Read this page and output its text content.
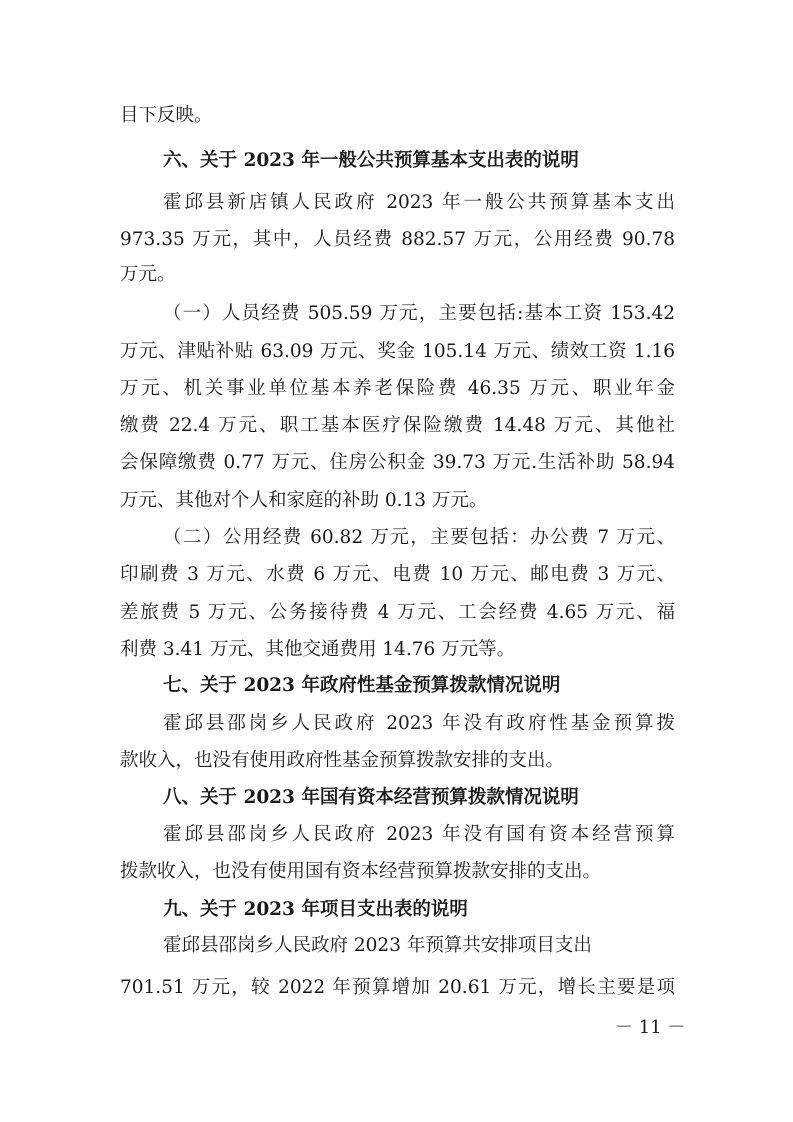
目下反映。
六、关于 2023 年一般公共预算基本支出表的说明
霍邱县新店镇人民政府 2023 年一般公共预算基本支出
973.35 万元，其中，人员经费 882.57 万元，公用经费 90.78
万元。
（一）人员经费 505.59 万元，主要包括:基本工资 153.42
万元、津贴补贴 63.09 万元、奖金 105.14 万元、绩效工资 1.16
万元、机关事业单位基本养老保险费 46.35 万元、职业年金
缴费 22.4 万元、职工基本医疗保险缴费 14.48 万元、其他社
会保障缴费 0.77 万元、住房公积金 39.73 万元.生活补助 58.94
万元、其他对个人和家庭的补助 0.13 万元。
（二）公用经费 60.82 万元，主要包括：办公费 7 万元、
印刷费 3 万元、水费 6 万元、电费 10 万元、邮电费 3 万元、
差旅费 5 万元、公务接待费 4 万元、工会经费 4.65 万元、福
利费 3.41 万元、其他交通费用 14.76 万元等。
七、关于 2023 年政府性基金预算拨款情况说明
霍邱县邵岗乡人民政府 2023 年没有政府性基金预算拨
款收入，也没有使用政府性基金预算拨款安排的支出。
八、关于 2023 年国有资本经营预算拨款情况说明
霍邱县邵岗乡人民政府 2023 年没有国有资本经营预算
拨款收入，也没有使用国有资本经营预算拨款安排的支出。
九、关于 2023 年项目支出表的说明
霍邱县邵岗乡人民政府 2023 年预算共安排项目支出
701.51 万元，较 2022 年预算增加 20.61 万元，增长主要是项
－ 11 －
